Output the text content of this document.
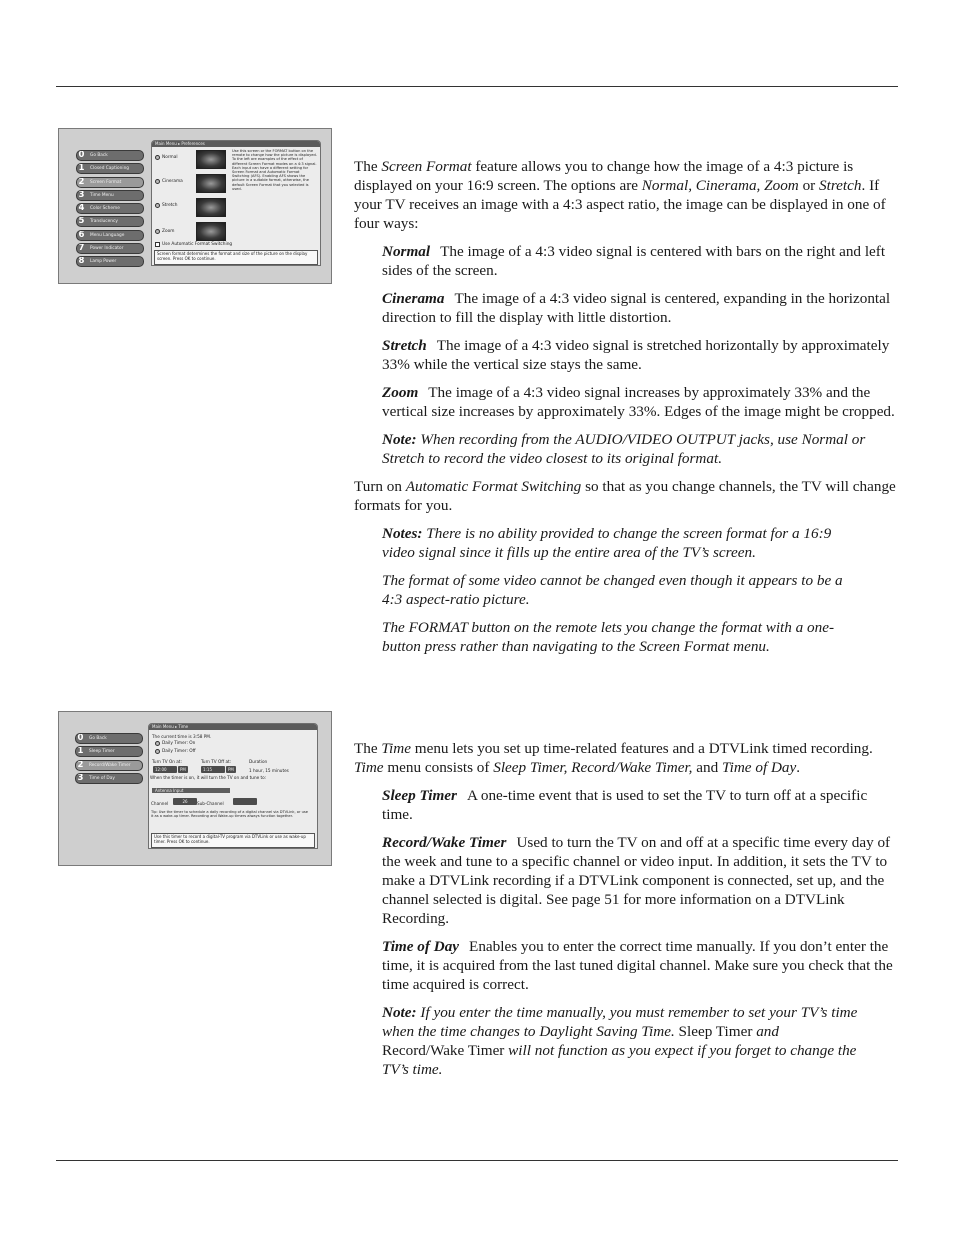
0 Go Back
1 Closed Captioning
2 Screen Format
3 Time Menu
4 Color Scheme
5 Translucency
6 Menu Language
7 Power Indicator
8 Lamp Power
Main Menu ▸ Preferences
Normal
Cinerama
Stretch
Zoom
Use this screen or the FORMAT button on the remote to change how the picture is displayed. To the left are examples of the effect of different Screen Format modes on a 4:3 signal. Each input can have a different setting for Screen Format and Automatic Format Switching (AFS). Enabling AFS shows the picture in a suitable format, otherwise, the default Screen Format that you selected is used.
Use Automatic Format Switching
Screen format determines the format and size of the picture on the display screen. Press OK to continue.
0 Go Back
1 Sleep Timer
2 Record/Wake Timer
3 Time of Day
Main Menu ▸ Time
The current time is 3:58 PM.
Daily Timer: On
Daily Timer: Off
Turn TV On at:	Turn TV Off at:	Duration
12:00	PM	1:15	PM	1 hour, 15 minutes
When the timer is on, it will turn the TV on and tune to:
Antenna Input
Channel	26	Sub-Channel
Tip: Use the timer to schedule a daily recording of a digital channel via DTVLink, or use it as a wake-up timer. Recording and Wake-up timers always function together.
Use this timer to record a digital-TV program via DTVLink or use as wake-up timer. Press OK to continue.

The Screen Format feature allows you to change how the image of a 4:3 picture is displayed on your 16:9 screen. The options are Normal, Cinerama, Zoom or Stretch. If your TV receives an image with a 4:3 aspect ratio, the image can be displayed in one of four ways:

Normal The image of a 4:3 video signal is centered with bars on the right and left sides of the screen.

Cinerama The image of a 4:3 video signal is centered, expanding in the horizontal direction to fill the display with little distortion.

Stretch The image of a 4:3 video signal is stretched horizontally by approximately 33% while the vertical size stays the same.

Zoom The image of a 4:3 video signal increases by approximately 33% and the vertical size increases by approximately 33%. Edges of the image might be cropped.

Note: When recording from the AUDIO/VIDEO OUTPUT jacks, use Normal or Stretch to record the video closest to its original format.

Turn on Automatic Format Switching so that as you change channels, the TV will change formats for you.

Notes: There is no ability provided to change the screen format for a 16:9 video signal since it fills up the entire area of the TV’s screen.

The format of some video cannot be changed even though it appears to be a 4:3 aspect-ratio picture.

The FORMAT button on the remote lets you change the format with a one-button press rather than navigating to the Screen Format menu.

The Time menu lets you set up time-related features and a DTVLink timed recording. Time menu consists of Sleep Timer, Record/Wake Timer, and Time of Day.

Sleep Timer A one-time event that is used to set the TV to turn off at a specific time.

Record/Wake Timer Used to turn the TV on and off at a specific time every day of the week and tune to a specific channel or video input. In addition, it sets the TV to make a DTVLink recording if a DTVLink component is connected, set up, and the channel selected is digital. See page 51 for more information on a DTVLink Recording.

Time of Day Enables you to enter the correct time manually. If you don’t enter the time, it is acquired from the last tuned digital channel. Make sure you check that the time acquired is correct.

Note: If you enter the time manually, you must remember to set your TV’s time when the time changes to Daylight Saving Time. Sleep Timer and Record/Wake Timer will not function as you expect if you forget to change the TV’s time.
